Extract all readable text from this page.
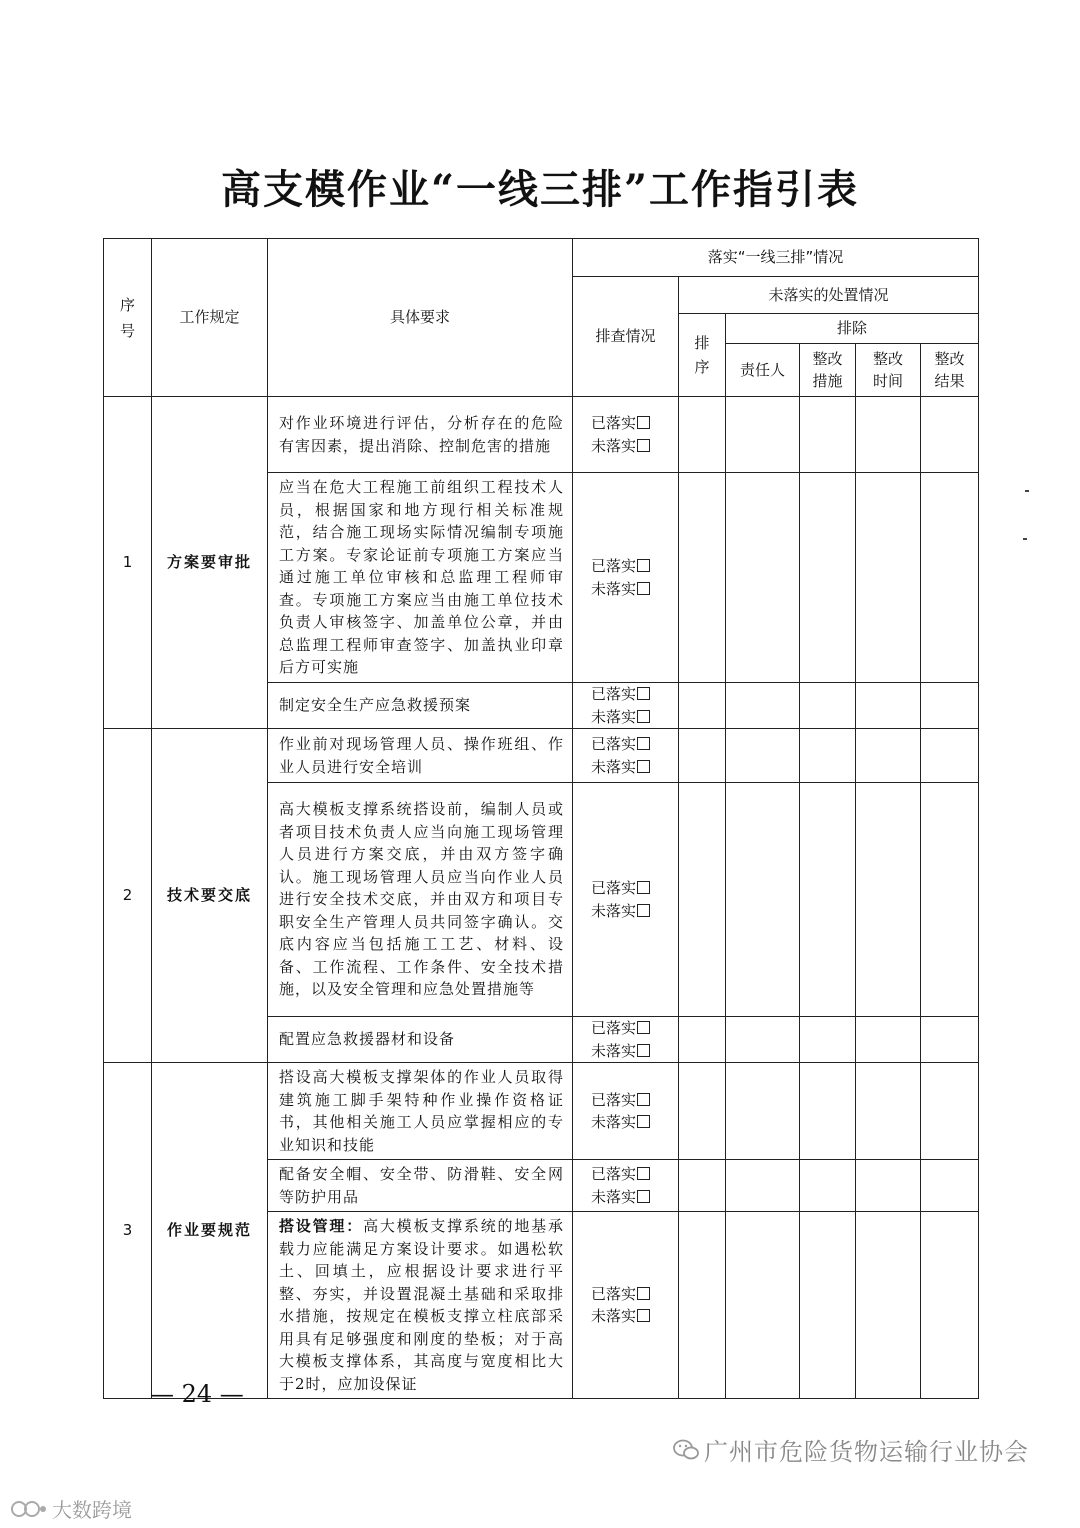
高支模作业“一线三排”工作指引表
序号	工作规定	具体要求	落实“一线三排”情况					
			排查情况	未落实的处置情况				

				排序	排除			
					责任人	整改措施	整改时间	整改结果

1	方案要审批	对作业环境进行评估，分析存在的危险有害因素，提出消除、控制危害的措施	已落实
未落实					

		应当在危大工程施工前组织工程技术人员，根据国家和地方现行相关标准规范，结合施工现场实际情况编制专项施工方案。专家论证前专项施工方案应当通过施工单位审核和总监理工程师审查。专项施工方案应当由施工单位技术负责人审核签字、加盖单位公章，并由总监理工程师审查签字、加盖执业印章后方可实施	已落实
未落实					

		制定安全生产应急救援预案	已落实
未落实					

2	技术要交底	作业前对现场管理人员、操作班组、作业人员进行安全培训	已落实
未落实					

		高大模板支撑系统搭设前，编制人员或者项目技术负责人应当向施工现场管理人员进行方案交底，并由双方签字确认。施工现场管理人员应当向作业人员进行安全技术交底，并由双方和项目专职安全生产管理人员共同签字确认。交底内容应当包括施工工艺、材料、设备、工作流程、工作条件、安全技术措施，以及安全管理和应急处置措施等	已落实
未落实					

		配置应急救援器材和设备	已落实
未落实					

3	作业要规范	搭设高大模板支撑架体的作业人员取得建筑施工脚手架特种作业操作资格证书，其他相关施工人员应掌握相应的专业知识和技能	已落实
未落实					

		配备安全帽、安全带、防滑鞋、安全网等防护用品	已落实
未落实					

		搭设管理：高大模板支撑系统的地基承载力应能满足方案设计要求。如遇松软土、回填土，应根据设计要求进行平整、夯实，并设置混凝土基础和采取排水措施，按规定在模板支撑立柱底部采用具有足够强度和刚度的垫板；对于高大模板支撑体系，其高度与宽度相比大于2时，应加设保证	已落实
未落实					

— 24 —
广州市危险货物运输行业协会
大数跨境
